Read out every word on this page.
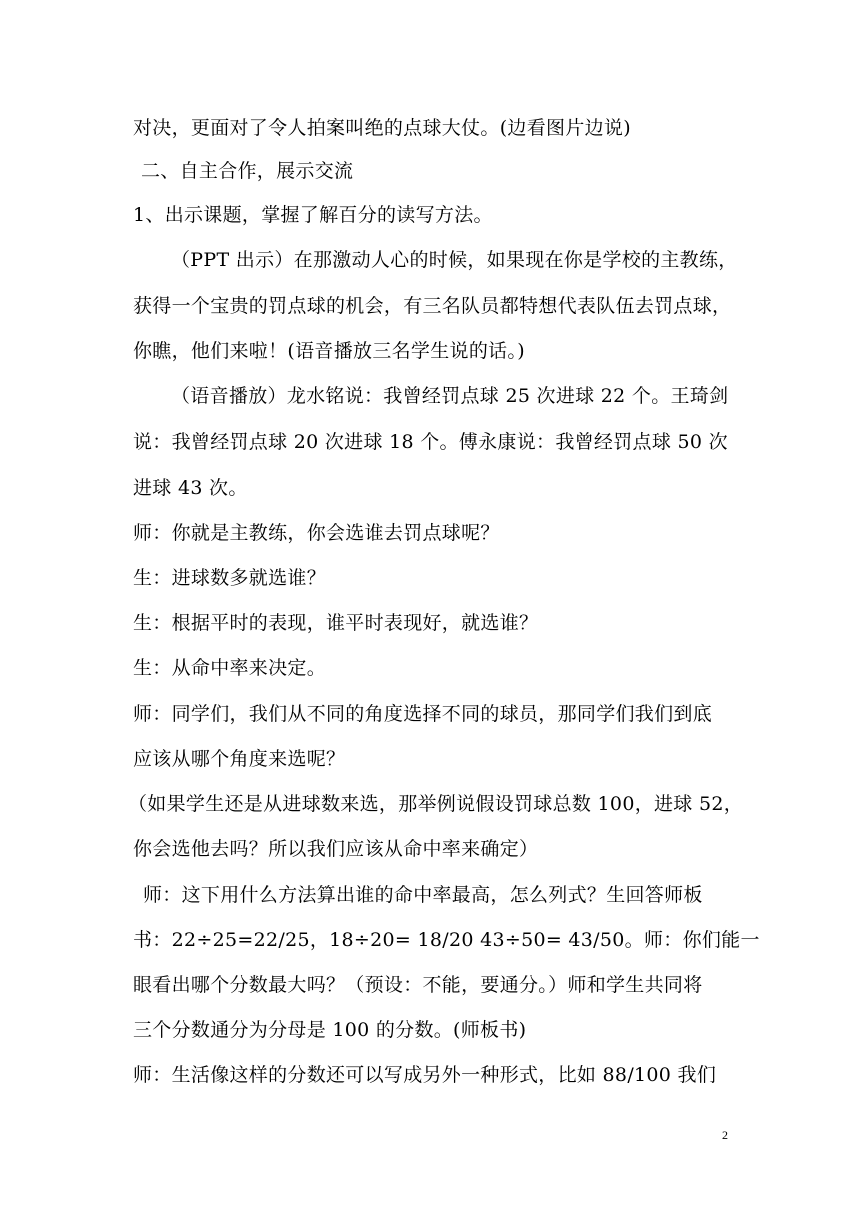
对决，更面对了令人拍案叫绝的点球大仗。(边看图片边说)
二、自主合作，展示交流
1、出示课题，掌握了解百分的读写方法。
（PPT 出示）在那激动人心的时候，如果现在你是学校的主教练，
获得一个宝贵的罚点球的机会，有三名队员都特想代表队伍去罚点球，
你瞧，他们来啦！(语音播放三名学生说的话。)
（语音播放）龙水铭说：我曾经罚点球 25 次进球 22 个。王琦剑
说：我曾经罚点球 20 次进球 18 个。傅永康说：我曾经罚点球 50 次
进球 43 次。
师：你就是主教练，你会选谁去罚点球呢？
生：进球数多就选谁？
生：根据平时的表现，谁平时表现好，就选谁？
生：从命中率来决定。
师：同学们，我们从不同的角度选择不同的球员，那同学们我们到底
应该从哪个角度来选呢？
（如果学生还是从进球数来选，那举例说假设罚球总数 100，进球 52，
你会选他去吗？所以我们应该从命中率来确定）
师：这下用什么方法算出谁的命中率最高，怎么列式？生回答师板
书：22÷25=22/25，18÷20= 18/20 43÷50= 43/50。师：你们能一
眼看出哪个分数最大吗？（预设：不能，要通分。）师和学生共同将
三个分数通分为分母是 100 的分数。(师板书)
师：生活像这样的分数还可以写成另外一种形式，比如 88/100 我们
2
